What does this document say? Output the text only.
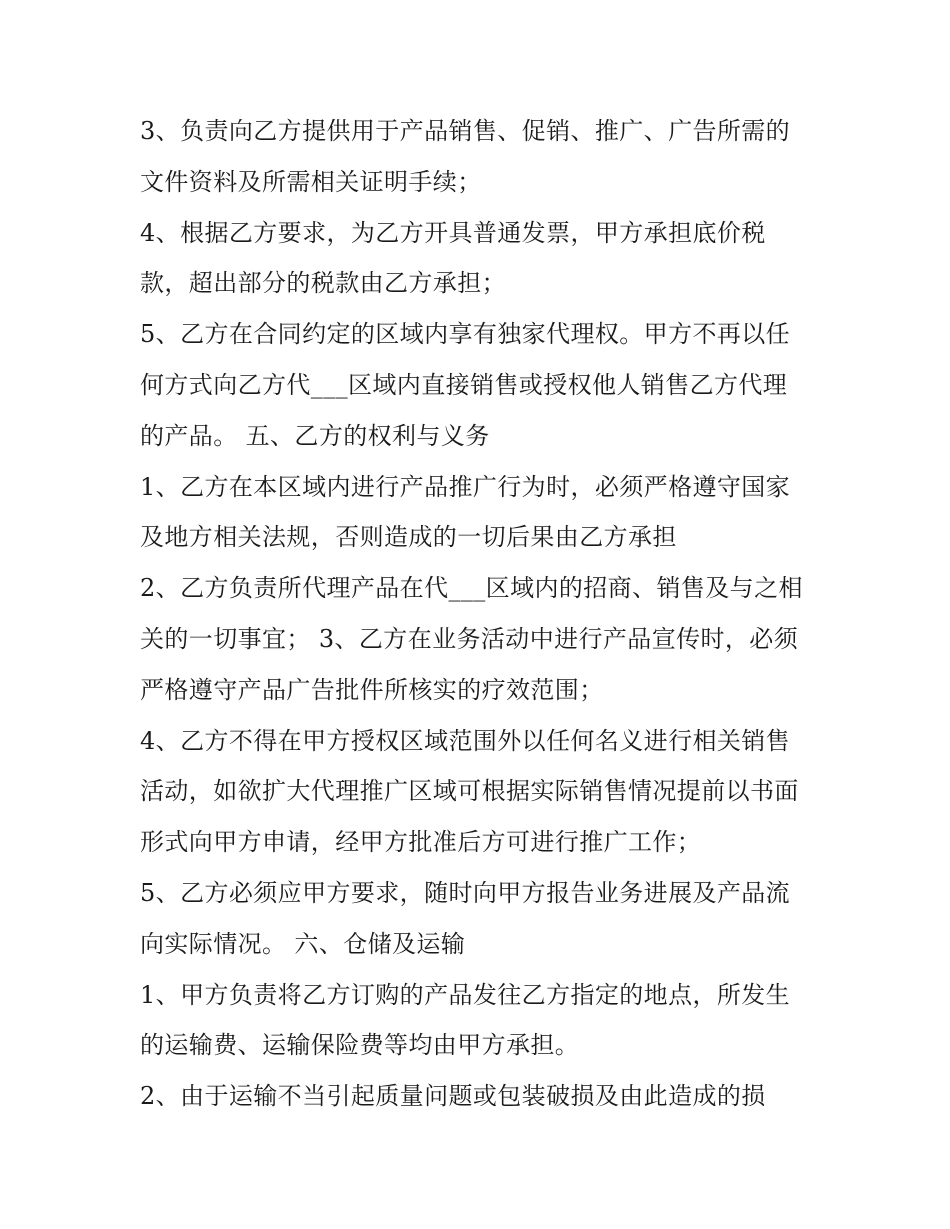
3、负责向乙方提供用于产品销售、促销、推广、广告所需的
文件资料及所需相关证明手续；
4、根据乙方要求，为乙方开具普通发票，甲方承担底价税
款，超出部分的税款由乙方承担；
5、乙方在合同约定的区域内享有独家代理权。甲方不再以任
何方式向乙方代___区域内直接销售或授权他人销售乙方代理
的产品。 五、乙方的权利与义务
1、乙方在本区域内进行产品推广行为时，必须严格遵守国家
及地方相关法规，否则造成的一切后果由乙方承担
2、乙方负责所代理产品在代___区域内的招商、销售及与之相
关的一切事宜； 3、乙方在业务活动中进行产品宣传时，必须
严格遵守产品广告批件所核实的疗效范围；
4、乙方不得在甲方授权区域范围外以任何名义进行相关销售
活动，如欲扩大代理推广区域可根据实际销售情况提前以书面
形式向甲方申请，经甲方批准后方可进行推广工作；
5、乙方必须应甲方要求，随时向甲方报告业务进展及产品流
向实际情况。 六、仓储及运输
1、甲方负责将乙方订购的产品发往乙方指定的地点，所发生
的运输费、运输保险费等均由甲方承担。
2、由于运输不当引起质量问题或包装破损及由此造成的损
